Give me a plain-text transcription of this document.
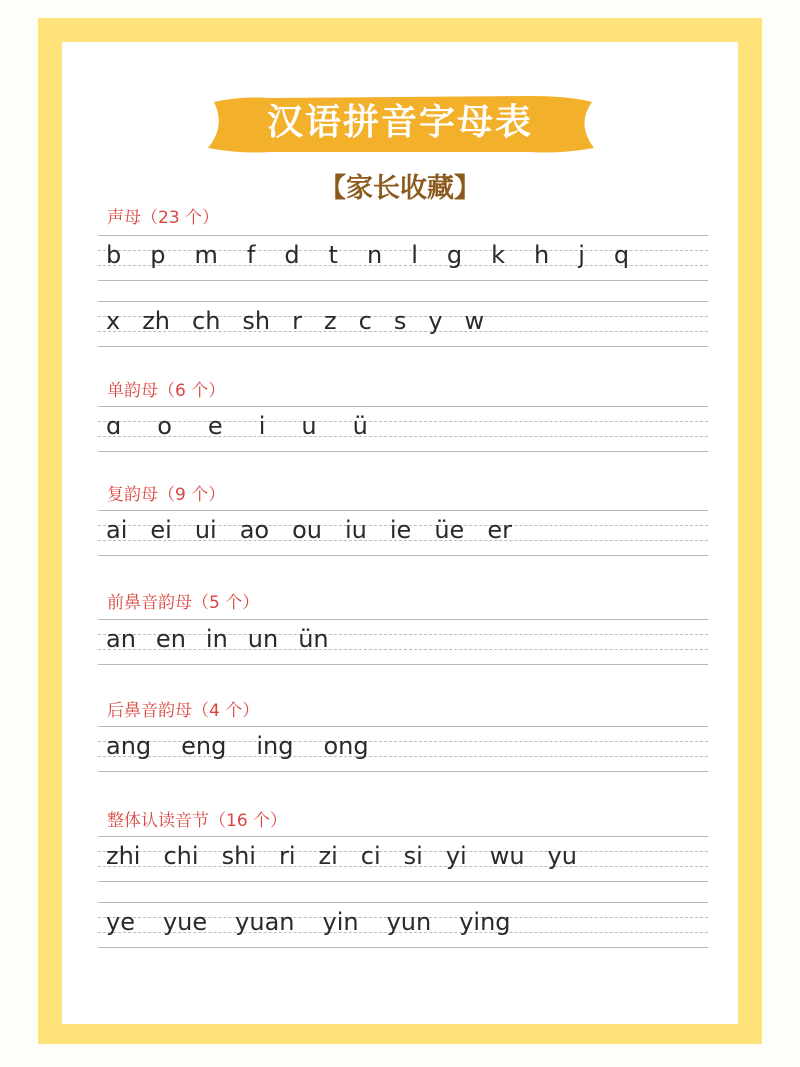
汉语拼音字母表
【家长收藏】
声母（23 个）
b p m f d t n l g k h j q
x zh ch sh r z c s y w
单韵母（6 个）
ɑ o e i u ü
复韵母（9 个）
ai ei ui ao ou iu ie üe er
前鼻音韵母（5 个）
an en in un ün
后鼻音韵母（4 个）
ang eng ing ong
整体认读音节（16 个）
zhi chi shi ri zi ci si yi wu yu
ye yue yuan yin yun ying
